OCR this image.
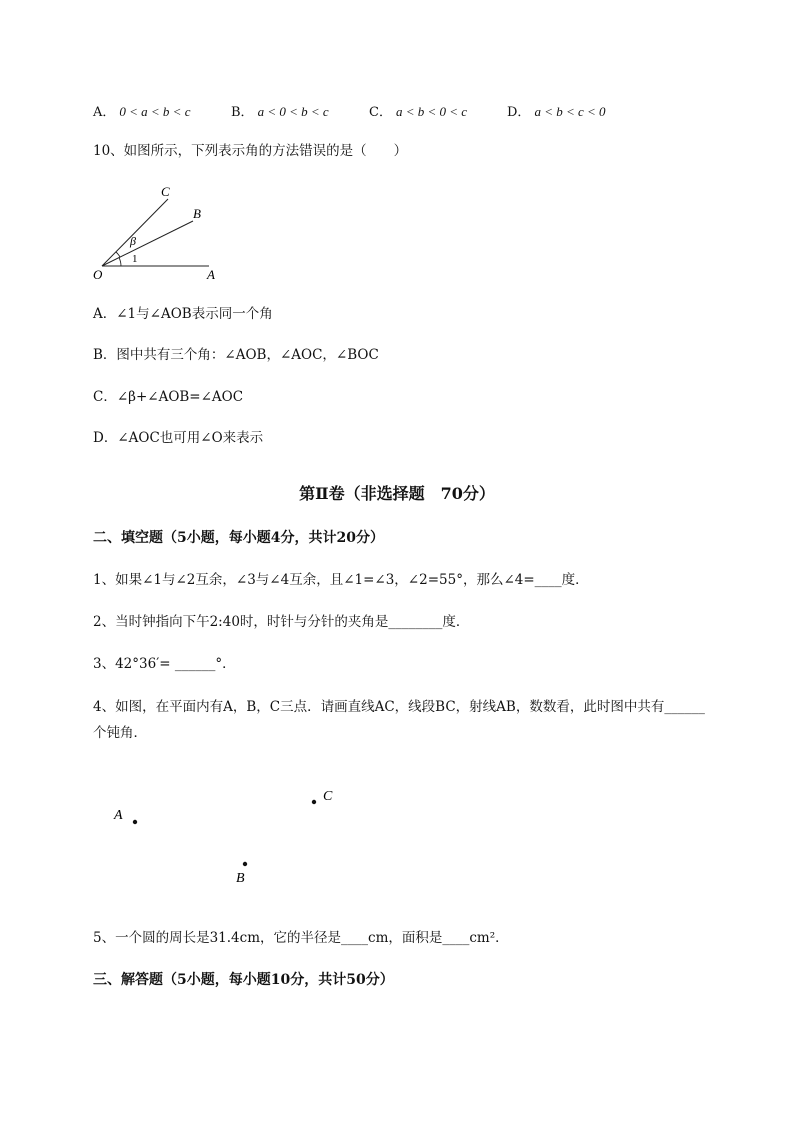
A． 0 < a < b < c	B． a < 0 < b < c	C． a < b < 0 < c	D． a < b < c < 0
10、如图所示，下列表示角的方法错误的是（　　）
C
B
O	A
β
1
A．∠1与∠AOB表示同一个角
B．图中共有三个角：∠AOB，∠AOC，∠BOC
C．∠β+∠AOB=∠AOC
D．∠AOC也可用∠O来表示
第Ⅱ卷（非选择题　70分）
二、填空题（5小题，每小题4分，共计20分）
1、如果∠1与∠2互余，∠3与∠4互余，且∠1=∠3，∠2=55°，那么∠4=____度．
2、当时钟指向下午2:40时，时针与分针的夹角是________度．
3、42°36′= ______°．
4、如图，在平面内有A，B，C三点．请画直线AC，线段BC，射线AB，数数看，此时图中共有______
个钝角．
A
C
B
5、一个圆的周长是31.4cm，它的半径是____cm，面积是____cm²．
三、解答题（5小题，每小题10分，共计50分）
